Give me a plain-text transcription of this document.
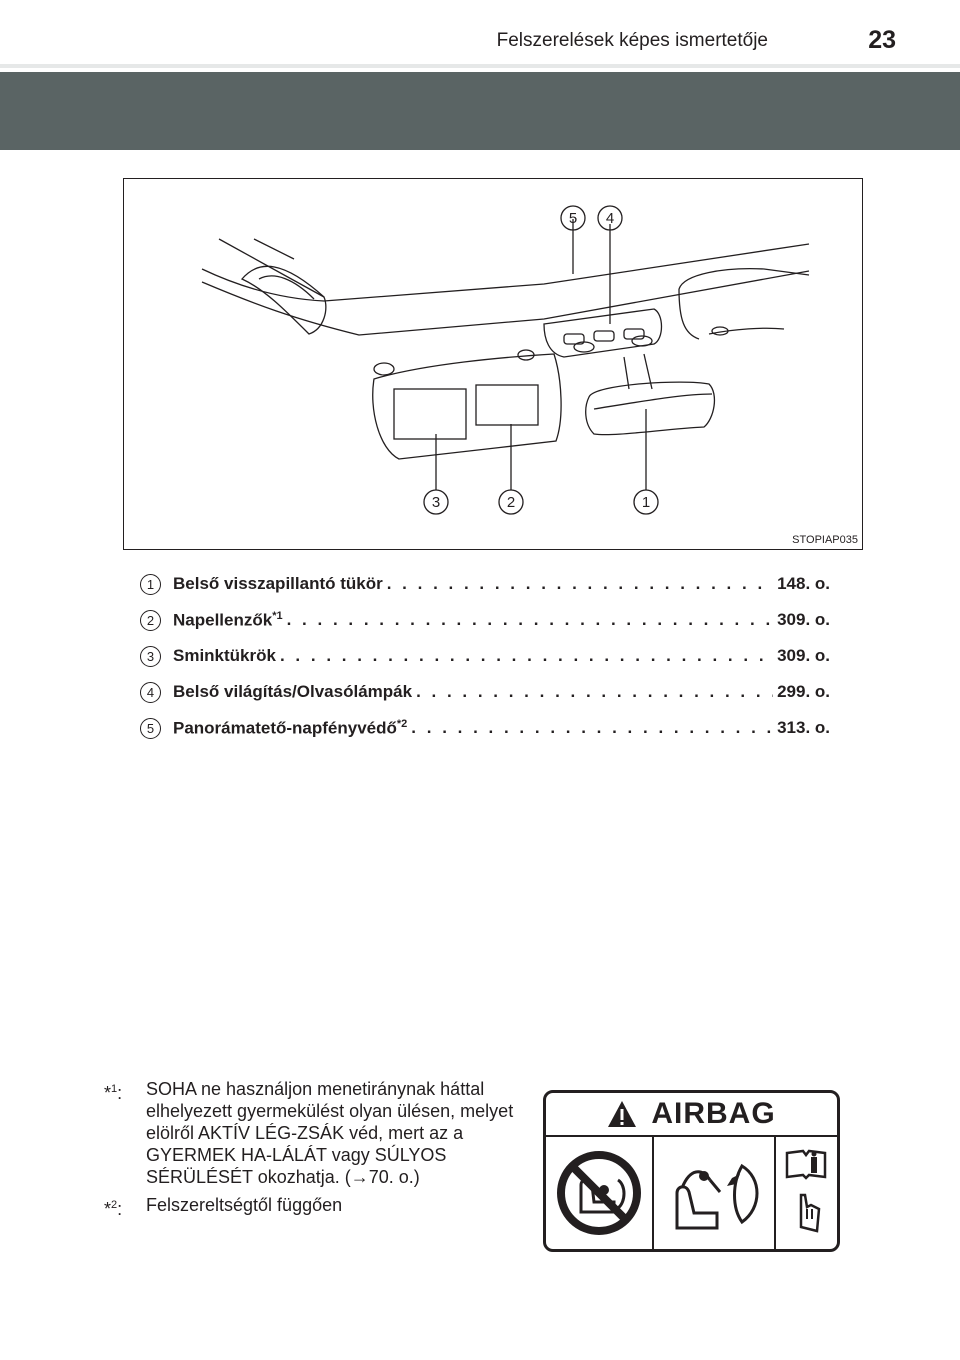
Felszerelések képes ismertetője	23
5 4
3	2	1
STOPIAP035
1	Belső visszapillantó tükör . . .	148. o.
2	Napellenzők$^{*1}$ . . .	309. o.
3	Sminktükrök . . .	309. o.
4	Belső világítás/Olvasólámpák . . .	299. o.
5	Panorámatető-napfényvédő$^{*2}$ . . .	313. o.
*$^1$:	SOHA ne használjon menetiránynak háttal elhelyezett gyermekülést olyan ülésen, melyet elölről AKTÍV LÉG-ZSÁK véd, mert az a GYERMEK HA-LÁLÁT vagy SÚLYOS SÉRÜLÉSÉT okozhatja. (→70. o.)
*$^2$:	Felszereltségtől függően
AIRBAG
